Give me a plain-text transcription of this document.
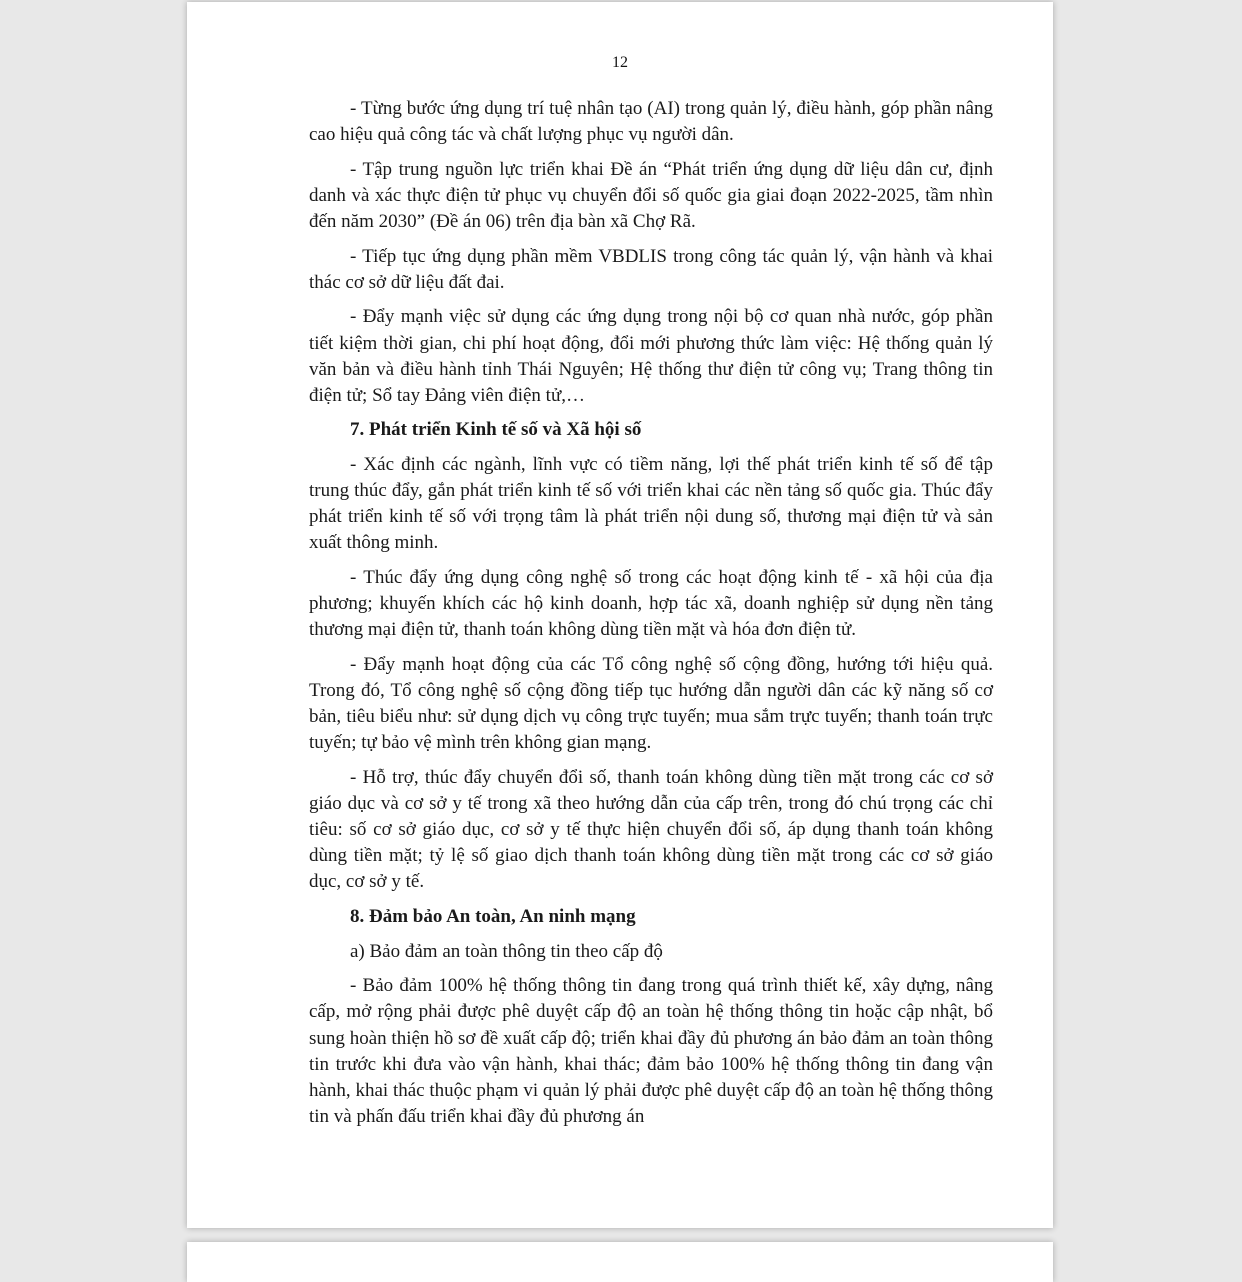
12

- Từng bước ứng dụng trí tuệ nhân tạo (AI) trong quản lý, điều hành, góp phần nâng cao hiệu quả công tác và chất lượng phục vụ người dân.

- Tập trung nguồn lực triển khai Đề án “Phát triển ứng dụng dữ liệu dân cư, định danh và xác thực điện tử phục vụ chuyển đổi số quốc gia giai đoạn 2022-2025, tầm nhìn đến năm 2030” (Đề án 06) trên địa bàn xã Chợ Rã.

- Tiếp tục ứng dụng phần mềm VBDLIS trong công tác quản lý, vận hành và khai thác cơ sở dữ liệu đất đai.

- Đẩy mạnh việc sử dụng các ứng dụng trong nội bộ cơ quan nhà nước, góp phần tiết kiệm thời gian, chi phí hoạt động, đổi mới phương thức làm việc: Hệ thống quản lý văn bản và điều hành tỉnh Thái Nguyên; Hệ thống thư điện tử công vụ; Trang thông tin điện tử; Sổ tay Đảng viên điện tử,…

7. Phát triển Kinh tế số và Xã hội số

- Xác định các ngành, lĩnh vực có tiềm năng, lợi thế phát triển kinh tế số để tập trung thúc đẩy, gắn phát triển kinh tế số với triển khai các nền tảng số quốc gia. Thúc đẩy phát triển kinh tế số với trọng tâm là phát triển nội dung số, thương mại điện tử và sản xuất thông minh.

- Thúc đẩy ứng dụng công nghệ số trong các hoạt động kinh tế - xã hội của địa phương; khuyến khích các hộ kinh doanh, hợp tác xã, doanh nghiệp sử dụng nền tảng thương mại điện tử, thanh toán không dùng tiền mặt và hóa đơn điện tử.

- Đẩy mạnh hoạt động của các Tổ công nghệ số cộng đồng, hướng tới hiệu quả. Trong đó, Tổ công nghệ số cộng đồng tiếp tục hướng dẫn người dân các kỹ năng số cơ bản, tiêu biểu như: sử dụng dịch vụ công trực tuyến; mua sắm trực tuyến; thanh toán trực tuyến; tự bảo vệ mình trên không gian mạng.

- Hỗ trợ, thúc đẩy chuyển đổi số, thanh toán không dùng tiền mặt trong các cơ sở giáo dục và cơ sở y tế trong xã theo hướng dẫn của cấp trên, trong đó chú trọng các chỉ tiêu: số cơ sở giáo dục, cơ sở y tế thực hiện chuyển đổi số, áp dụng thanh toán không dùng tiền mặt; tỷ lệ số giao dịch thanh toán không dùng tiền mặt trong các cơ sở giáo dục, cơ sở y tế.

8. Đảm bảo An toàn, An ninh mạng

a) Bảo đảm an toàn thông tin theo cấp độ

- Bảo đảm 100% hệ thống thông tin đang trong quá trình thiết kế, xây dựng, nâng cấp, mở rộng phải được phê duyệt cấp độ an toàn hệ thống thông tin hoặc cập nhật, bổ sung hoàn thiện hồ sơ đề xuất cấp độ; triển khai đầy đủ phương án bảo đảm an toàn thông tin trước khi đưa vào vận hành, khai thác; đảm bảo 100% hệ thống thông tin đang vận hành, khai thác thuộc phạm vi quản lý phải được phê duyệt cấp độ an toàn hệ thống thông tin và phấn đấu triển khai đầy đủ phương án
